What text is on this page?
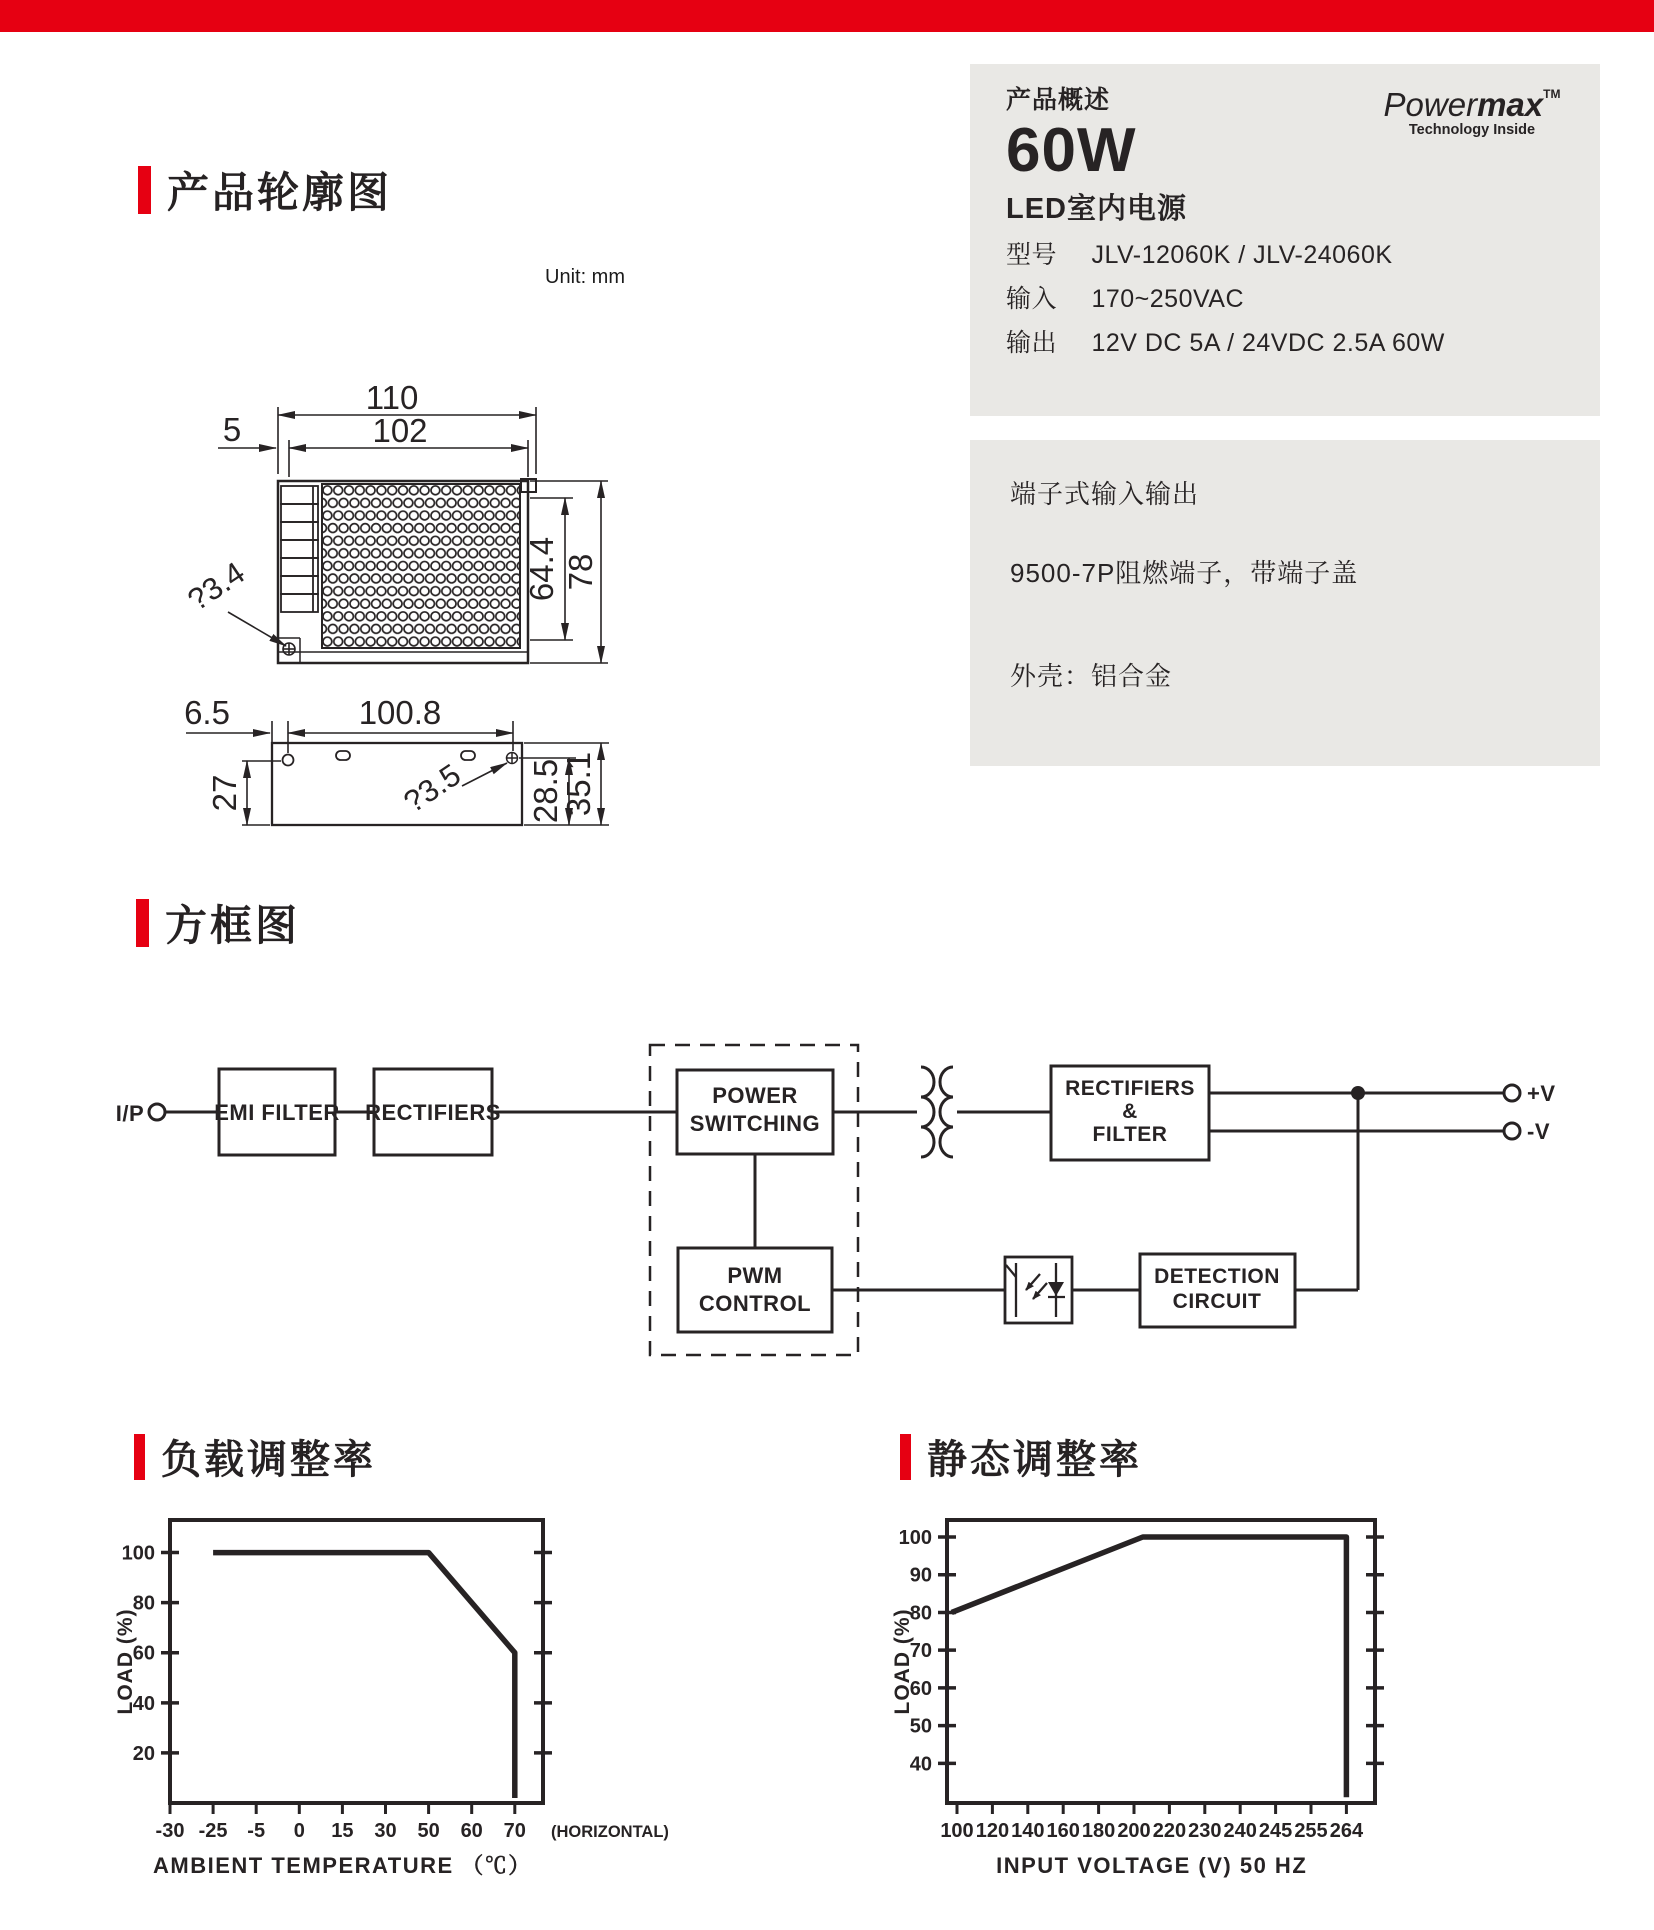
产品轮廓图
Unit: mm
产品概述
60W
LED室内电源
型号 JLV-12060K / JLV-24060K
输入 170~250VAC
输出 12V DC 5A / 24VDC 2.5A 60W
Powermax™
Technology Inside
端子式输入输出
9500-7P阻燃端子，带端子盖
外壳：铝合金
110
102
5
64.4 78
?3.4
6.5	100.8
27	?3.5 28.5
35.1
方框图
I/P	EMI FILTER RECTIFIERS
POWER
SWITCHING
RECTIFIERS
&
FILTER
PWM
CONTROL
DETECTION
CIRCUIT
+V
-V
负载调整率	静态调整率
100
80
60
40
20
-30 -25 -5 0 15 30 50 60 70
LOAD (%)
AMBIENT TEMPERATURE （℃）
(HORIZONTAL)
100
90
80
70
60
50
40
100 120 140 160 180 200 220 230 240 245 255 264
LOAD (%)
INPUT VOLTAGE (V) 50 HZ
